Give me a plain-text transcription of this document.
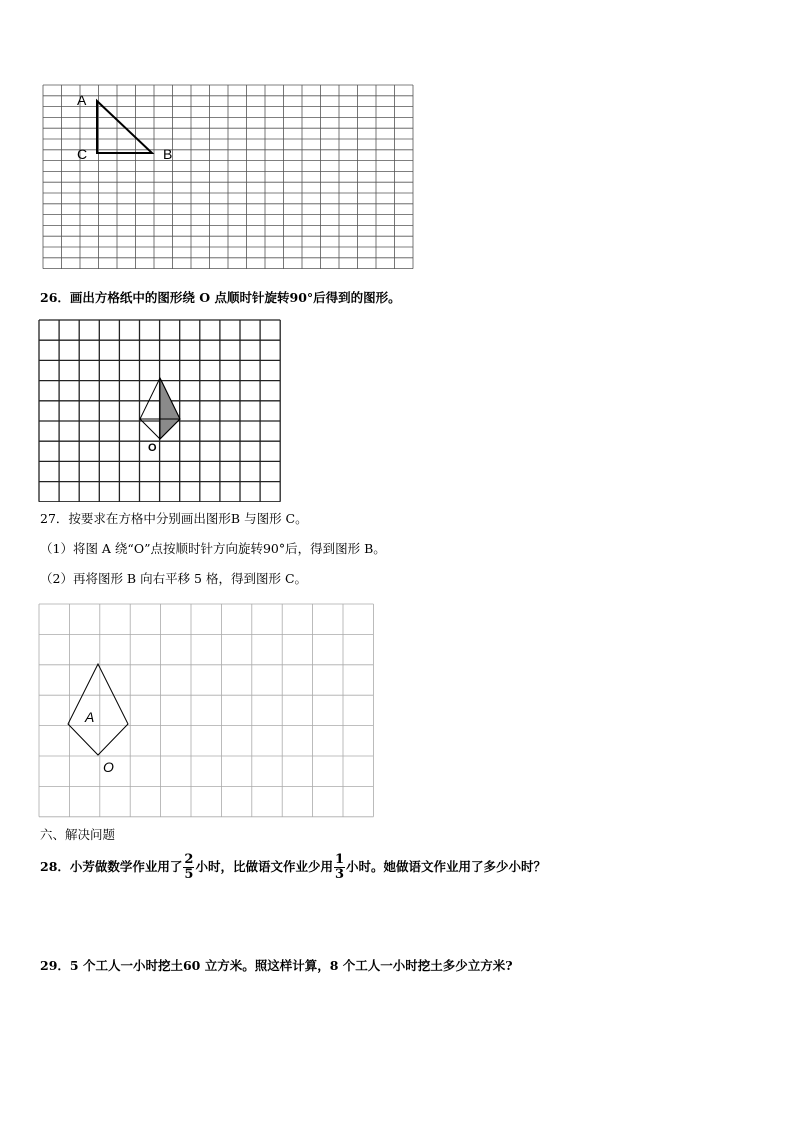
A
C	B
26．画出方格纸中的图形绕 O 点顺时针旋转90°后得到的图形。
O
27．按要求在方格中分别画出图形B 与图形 C。
（1）将图 A 绕“O”点按顺时针方向旋转90°后，得到图形 B。
（2）再将图形 B 向右平移 5 格，得到图形 C。
A
O
六、解决问题
28．小芳做数学作业用了 $\frac{2}{5}$ 小时，比做语文作业少用 $\frac{1}{3}$ 小时。她做语文作业用了多少小时？
29．5 个工人一小时挖土60 立方米。照这样计算，8 个工人一小时挖土多少立方米?
